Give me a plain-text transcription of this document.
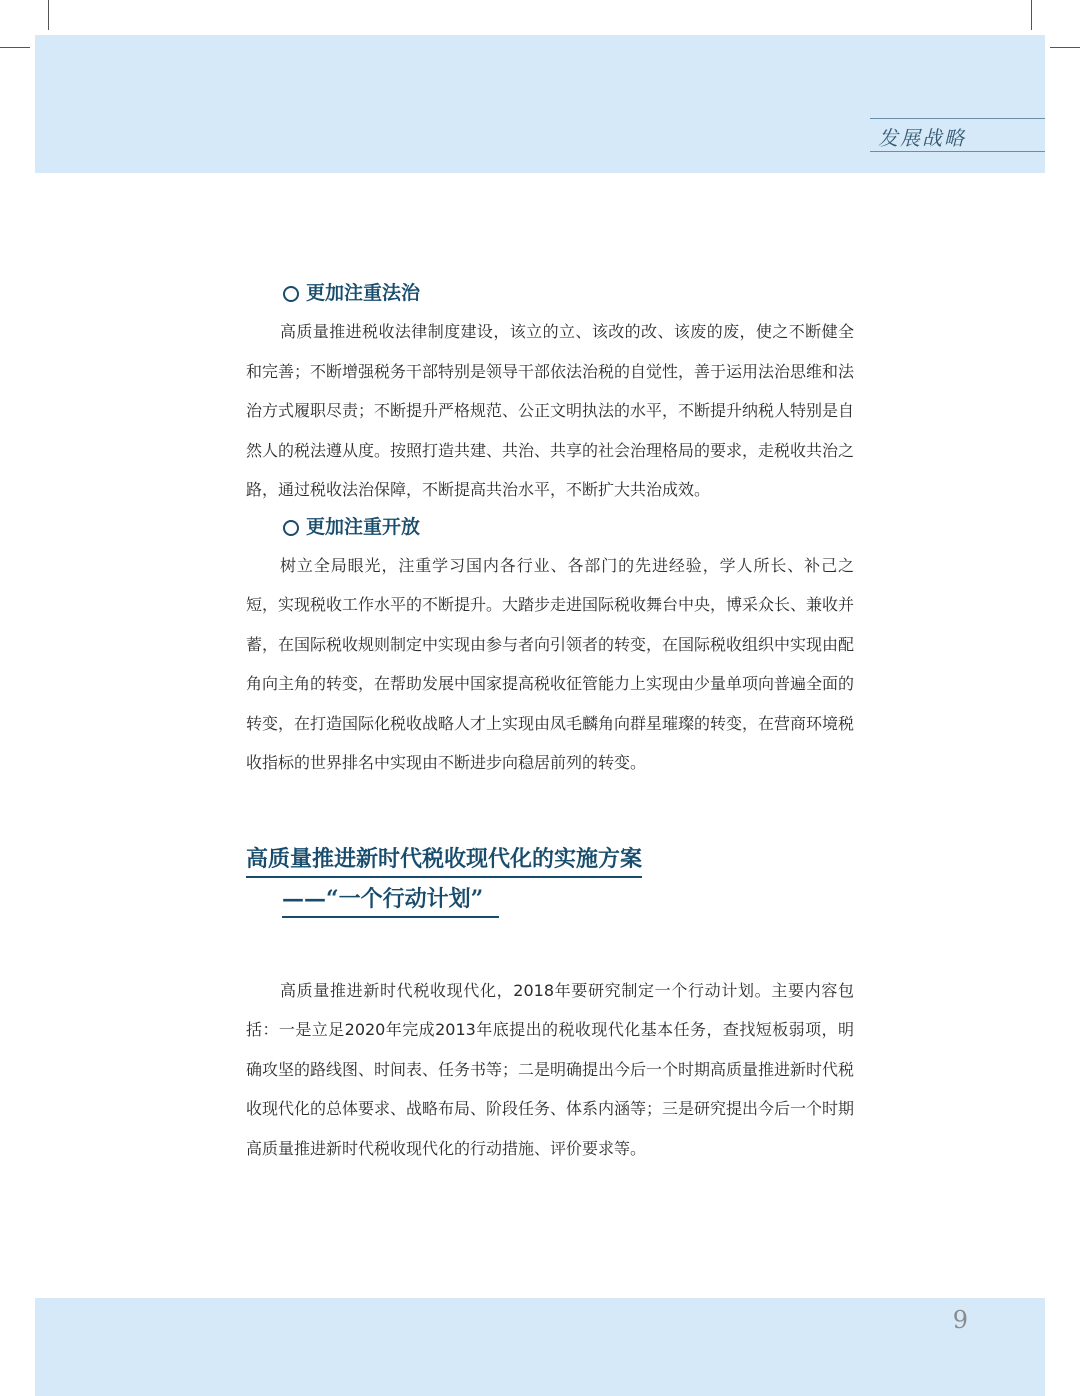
发展战略
更加注重法治

高质量推进税收法律制度建设，该立的立、该改的改、该废的废，使之不断健全和完善；不断增强税务干部特别是领导干部依法治税的自觉性，善于运用法治思维和法治方式履职尽责；不断提升严格规范、公正文明执法的水平，不断提升纳税人特别是自然人的税法遵从度。按照打造共建、共治、共享的社会治理格局的要求，走税收共治之路，通过税收法治保障，不断提高共治水平，不断扩大共治成效。

更加注重开放

树立全局眼光，注重学习国内各行业、各部门的先进经验，学人所长、补己之短，实现税收工作水平的不断提升。大踏步走进国际税收舞台中央，博采众长、兼收并蓄，在国际税收规则制定中实现由参与者向引领者的转变，在国际税收组织中实现由配角向主角的转变，在帮助发展中国家提高税收征管能力上实现由少量单项向普遍全面的转变，在打造国际化税收战略人才上实现由凤毛麟角向群星璀璨的转变，在营商环境税收指标的世界排名中实现由不断进步向稳居前列的转变。

高质量推进新时代税收现代化的实施方案
——“一个行动计划”

高质量推进新时代税收现代化，2018年要研究制定一个行动计划。主要内容包括：一是立足2020年完成2013年底提出的税收现代化基本任务，查找短板弱项，明确攻坚的路线图、时间表、任务书等；二是明确提出今后一个时期高质量推进新时代税收现代化的总体要求、战略布局、阶段任务、体系内涵等；三是研究提出今后一个时期高质量推进新时代税收现代化的行动措施、评价要求等。

9
